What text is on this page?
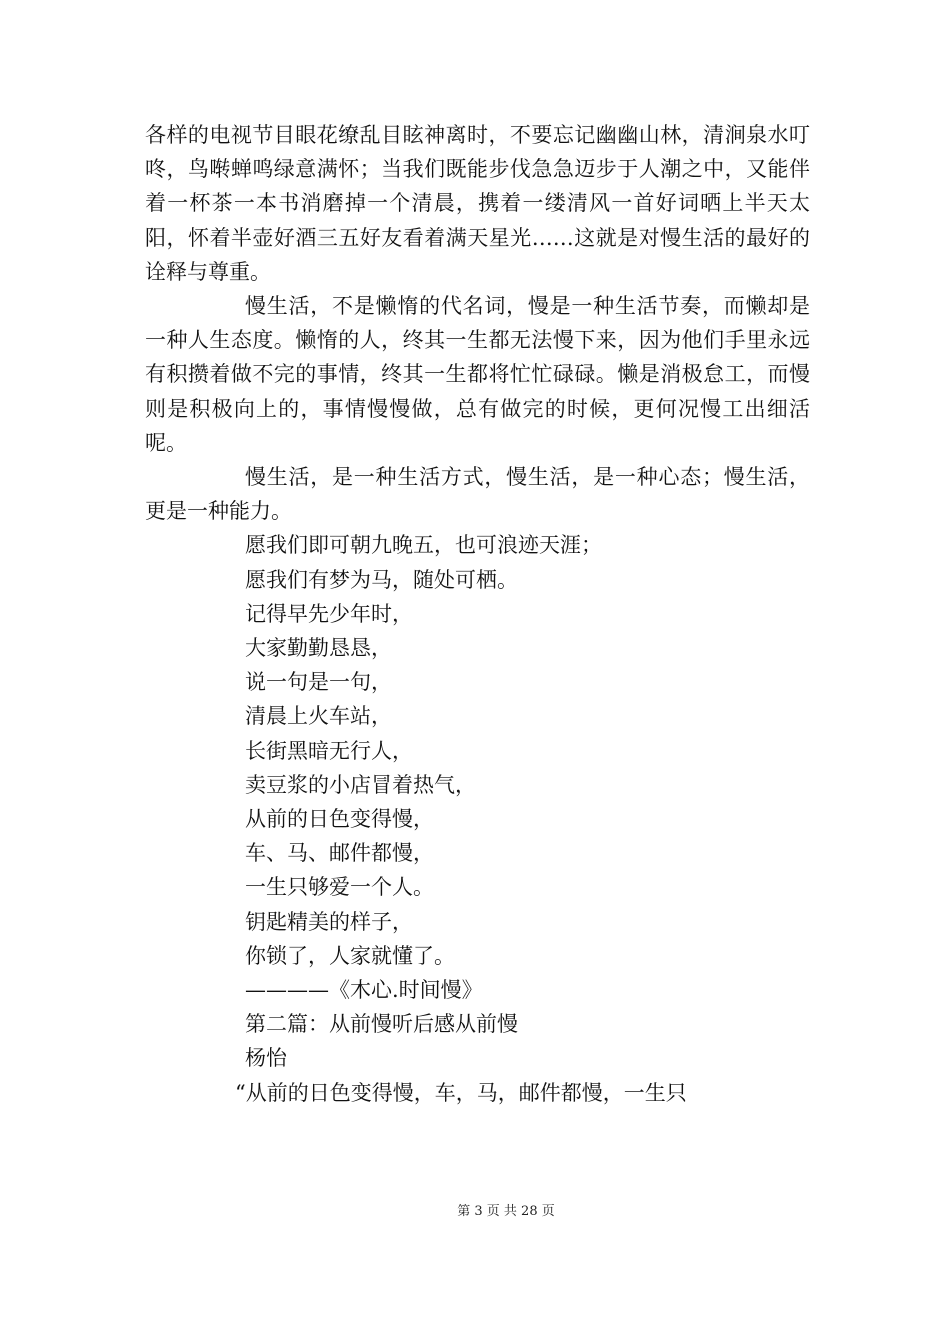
各样的电视节目眼花缭乱目眩神离时，不要忘记幽幽山林，清涧泉水叮咚，鸟啭蝉鸣绿意满怀；当我们既能步伐急急迈步于人潮之中，又能伴着一杯茶一本书消磨掉一个清晨，携着一缕清风一首好词晒上半天太阳，怀着半壶好酒三五好友看着满天星光……这就是对慢生活的最好的诠释与尊重。

慢生活，不是懒惰的代名词，慢是一种生活节奏，而懒却是一种人生态度。懒惰的人，终其一生都无法慢下来，因为他们手里永远有积攒着做不完的事情，终其一生都将忙忙碌碌。懒是消极怠工，而慢则是积极向上的，事情慢慢做，总有做完的时候，更何况慢工出细活呢。

慢生活，是一种生活方式，慢生活，是一种心态；慢生活，更是一种能力。

愿我们即可朝九晚五，也可浪迹天涯；

愿我们有梦为马，随处可栖。

记得早先少年时，

大家勤勤恳恳，

说一句是一句，

清晨上火车站，

长街黑暗无行人，

卖豆浆的小店冒着热气，

从前的日色变得慢，

车、马、邮件都慢，

一生只够爱一个人。

钥匙精美的样子，

你锁了，人家就懂了。

————《木心.时间慢》

第二篇：从前慢听后感从前慢

杨怡

“从前的日色变得慢，车，马，邮件都慢，一生只

第 3 页 共 28 页
